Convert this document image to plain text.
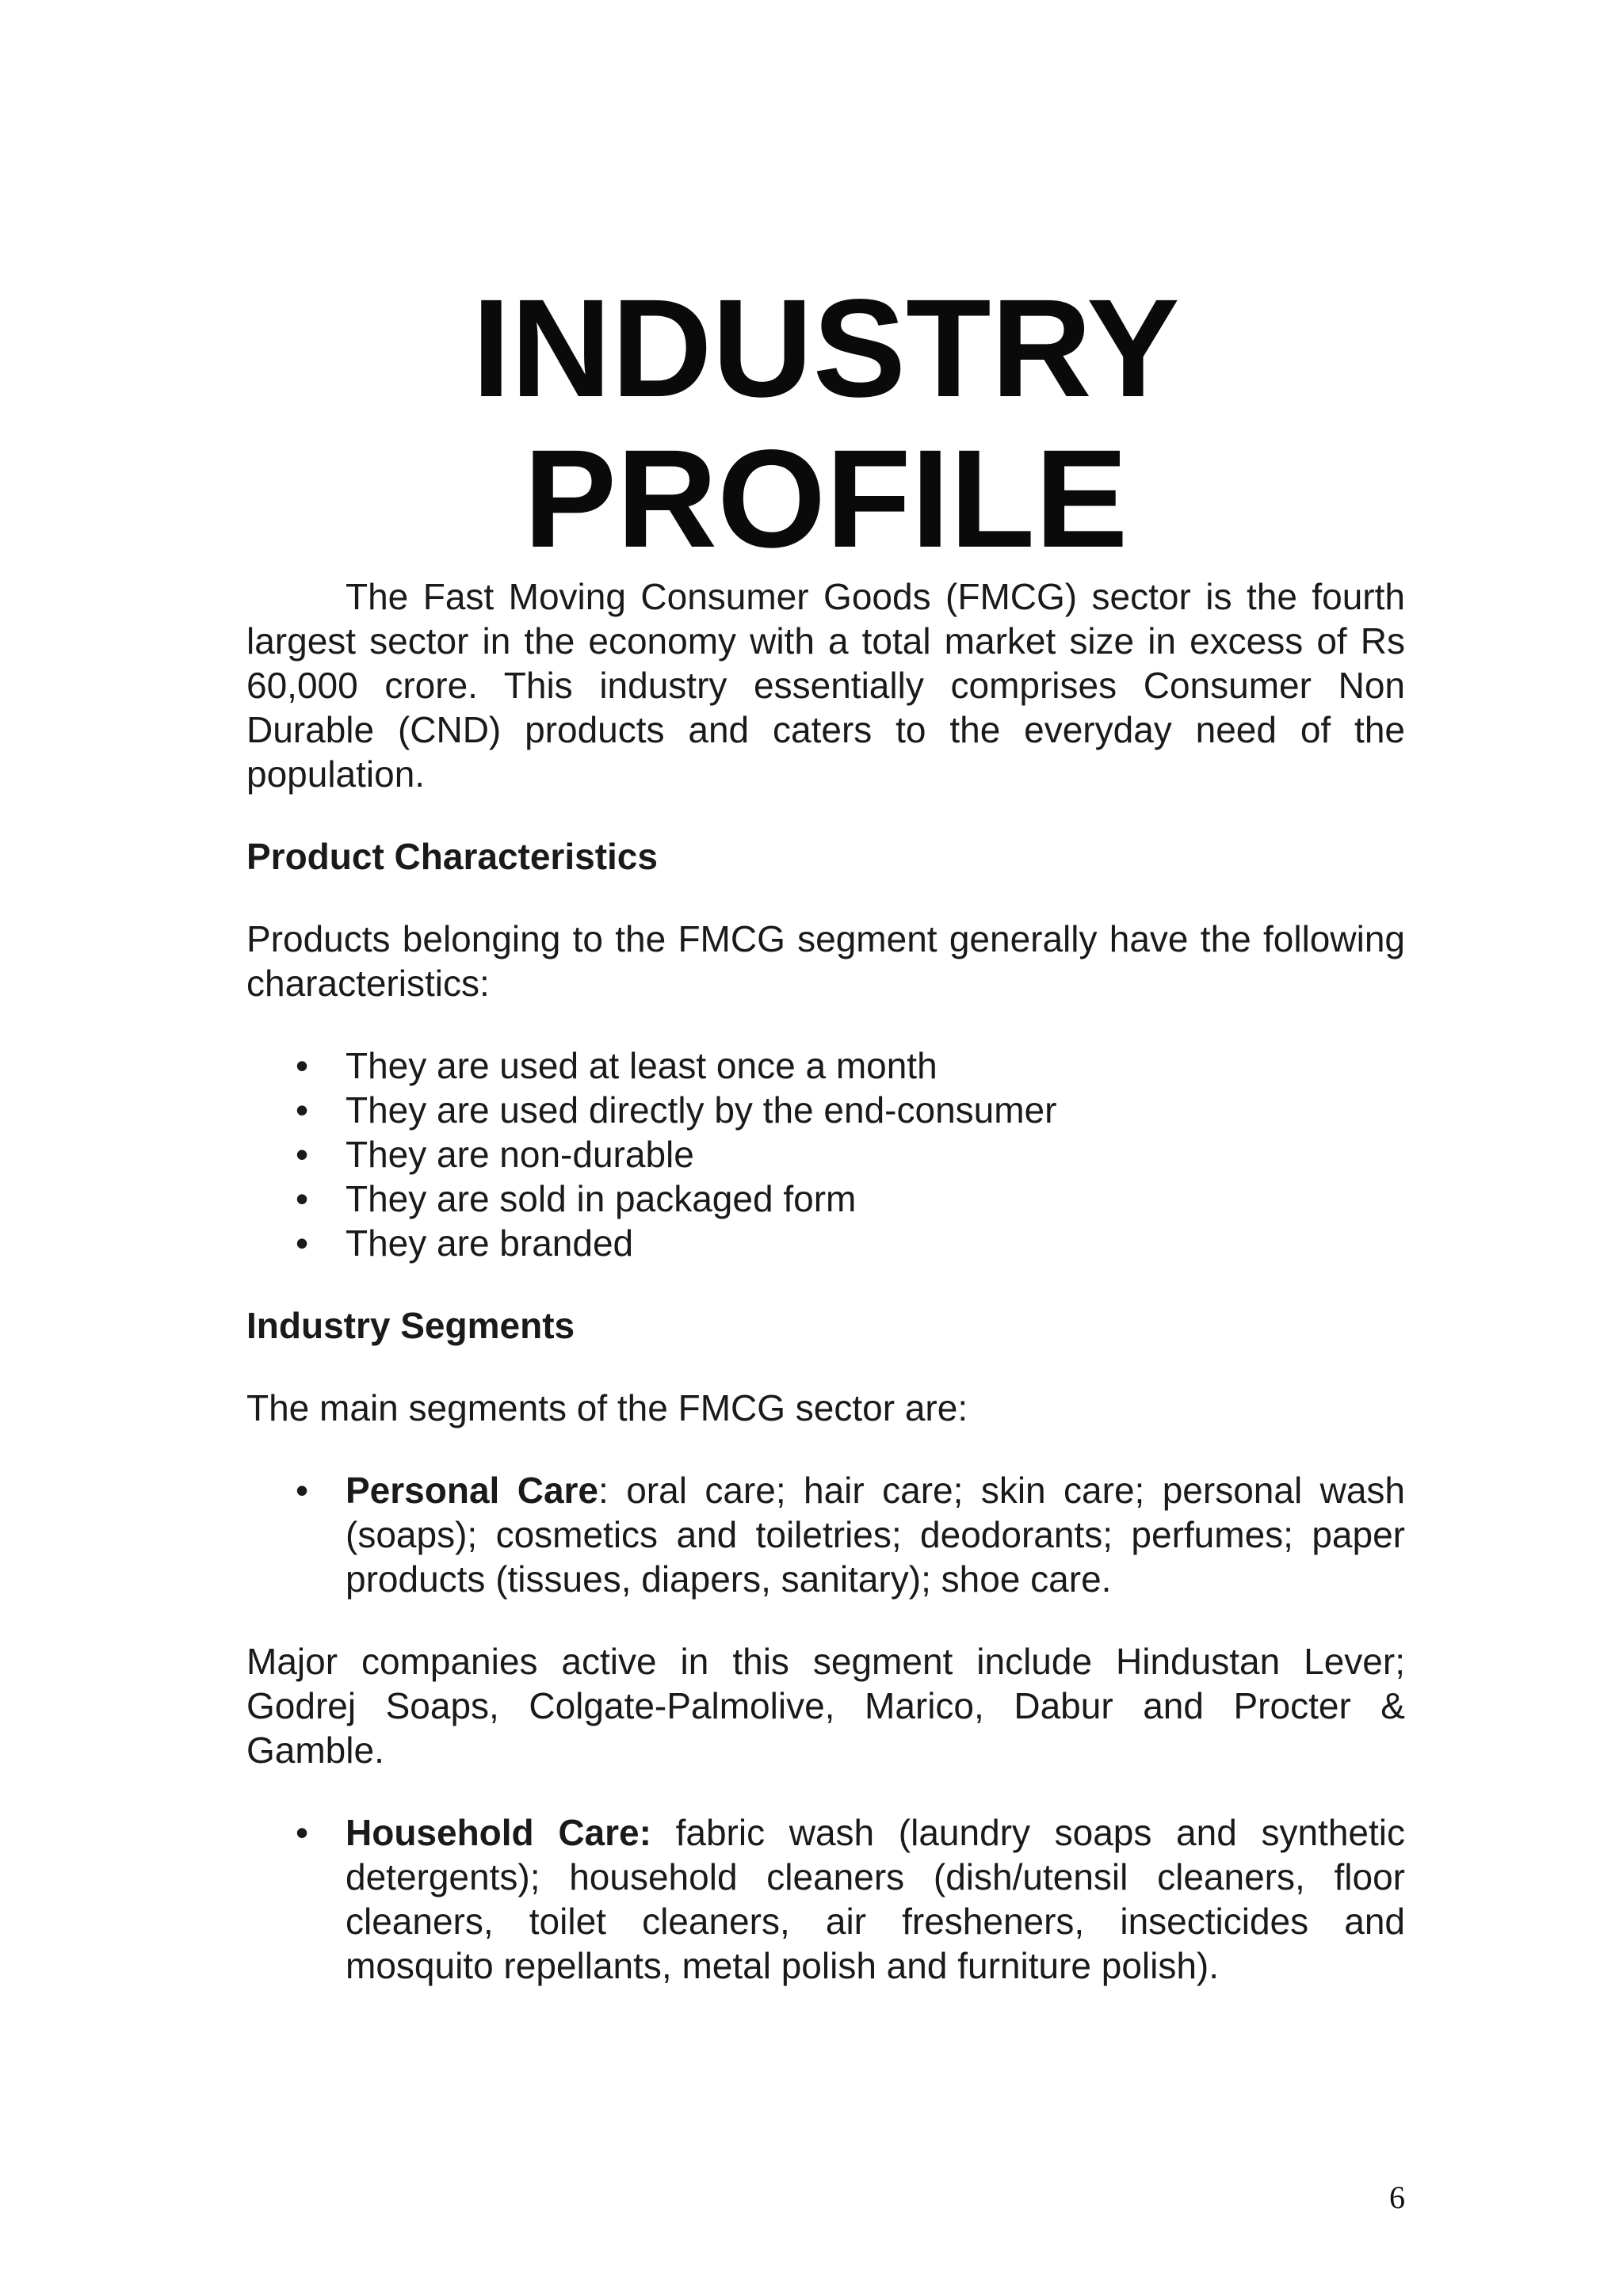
INDUSTRY
PROFILE

The Fast Moving Consumer Goods (FMCG) sector is the fourth largest sector in the economy with a total market size in excess of Rs 60,000 crore. This industry essentially comprises Consumer Non Durable (CND) products and caters to the everyday need of the population.

Product Characteristics

Products belonging to the FMCG segment generally have the following characteristics:

• They are used at least once a month
• They are used directly by the end-consumer
• They are non-durable
• They are sold in packaged form
• They are branded
Industry Segments

The main segments of the FMCG sector are:

• Personal Care: oral care; hair care; skin care; personal wash (soaps); cosmetics and toiletries; deodorants; perfumes; paper products (tissues, diapers, sanitary); shoe care.

Major companies active in this segment include Hindustan Lever; Godrej Soaps, Colgate-Palmolive, Marico, Dabur and Procter & Gamble.

• Household Care: fabric wash (laundry soaps and synthetic detergents); household cleaners (dish/utensil cleaners, floor cleaners, toilet cleaners, air fresheners, insecticides and mosquito repellants, metal polish and furniture polish).
6
